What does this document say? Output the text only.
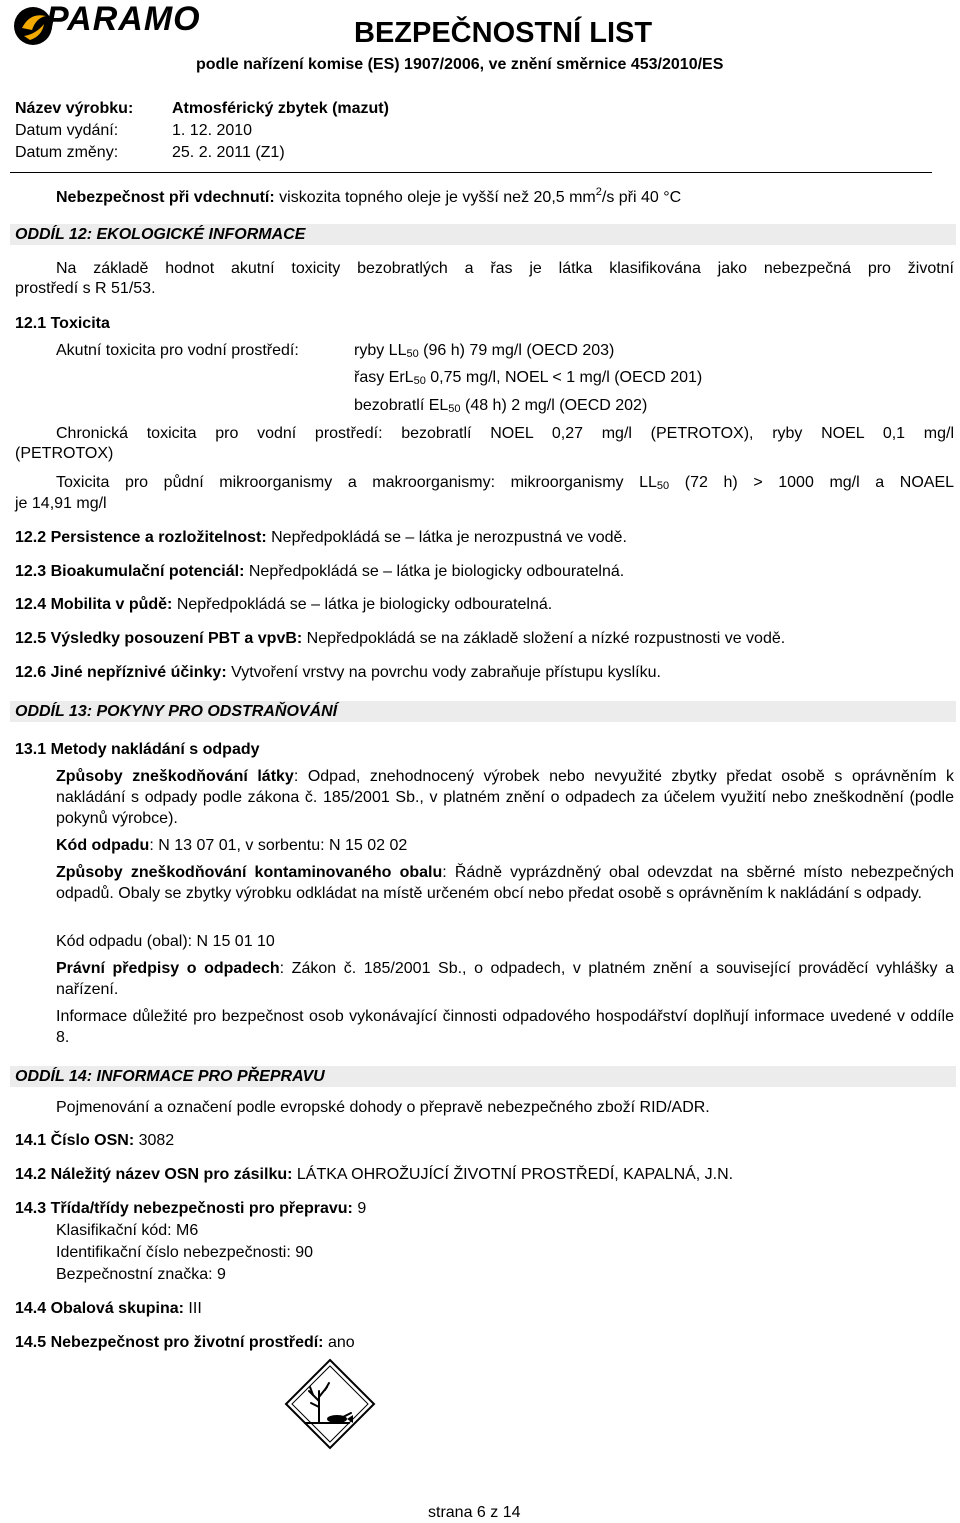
PARAMO	BEZPEČNOSTNÍ LIST
podle nařízení komise (ES) 1907/2006, ve znění směrnice 453/2010/ES
Název výrobku: Atmosférický zbytek (mazut)
Datum vydání:	1. 12. 2010
Datum změny:	25. 2. 2011 (Z1)
Nebezpečnost při vdechnutí: viskozita topného oleje je vyšší než 20,5 $mm^2/s$ při 40 °C
ODDÍL 12: EKOLOGICKÉ INFORMACE
Na základě hodnot akutní toxicity bezobratlých a řas je látka klasifikována jako nebezpečná pro životní
prostředí s R 51/53.
12.1 Toxicita
Akutní toxicita pro vodní prostředí:	ryby $LL_{50}$ (96 h) 79 mg/l (OECD 203)
řasy ErL$_{50}$ 0,75 mg/l, NOEL < 1 mg/l (OECD 201)
bezobratlí $EL_{50}$ (48 h) 2 mg/l (OECD 202)
Chronická toxicita pro vodní prostředí: bezobratlí NOEL 0,27 mg/l (PETROTOX), ryby NOEL 0,1 mg/l
(PETROTOX)
Toxicita pro půdní mikroorganismy a makroorganismy: mikroorganismy $LL_{50}$ (72 h) > 1000 mg/l a NOAEL
je 14,91 mg/l
12.2 Persistence a rozložitelnost: Nepředpokládá se – látka je nerozpustná ve vodě.
12.3 Bioakumulační potenciál: Nepředpokládá se – látka je biologicky odbouratelná.
12.4 Mobilita v půdě: Nepředpokládá se – látka je biologicky odbouratelná.
12.5 Výsledky posouzení PBT a vpvB: Nepředpokládá se na základě složení a nízké rozpustnosti ve vodě.
12.6 Jiné nepříznivé účinky: Vytvoření vrstvy na povrchu vody zabraňuje přístupu kyslíku.
ODDÍL 13: POKYNY PRO ODSTRAŇOVÁNÍ
13.1 Metody nakládání s odpady
Způsoby zneškodňování látky: Odpad, znehodnocený výrobek nebo nevyužité zbytky předat osobě s oprávněním k nakládání s odpady podle zákona č. 185/2001 Sb., v platném znění o odpadech za účelem využití nebo zneškodnění (podle pokynů výrobce).
Kód odpadu: N 13 07 01, v sorbentu: N 15 02 02
Způsoby zneškodňování kontaminovaného obalu: Řádně vyprázdněný obal odevzdat na sběrné místo nebezpečných odpadů. Obaly se zbytky výrobku odkládat na místě určeném obcí nebo předat osobě s oprávněním k nakládání s odpady.
Kód odpadu (obal): N 15 01 10
Právní předpisy o odpadech: Zákon č. 185/2001 Sb., o odpadech, v platném znění a související prováděcí vyhlášky a nařízení.
Informace důležité pro bezpečnost osob vykonávající činnosti odpadového hospodářství doplňují informace uvedené v oddíle 8.
ODDÍL 14: INFORMACE PRO PŘEPRAVU
Pojmenování a označení podle evropské dohody o přepravě nebezpečného zboží RID/ADR.
14.1 Číslo OSN: 3082
14.2 Náležitý název OSN pro zásilku: LÁTKA OHROŽUJÍCÍ ŽIVOTNÍ PROSTŘEDÍ, KAPALNÁ, J.N.
14.3 Třída/třídy nebezpečnosti pro přepravu: 9
Klasifikační kód: M6
Identifikační číslo nebezpečnosti: 90
Bezpečnostní značka: 9
14.4 Obalová skupina: III
14.5 Nebezpečnost pro životní prostředí: ano
strana 6 z 14
